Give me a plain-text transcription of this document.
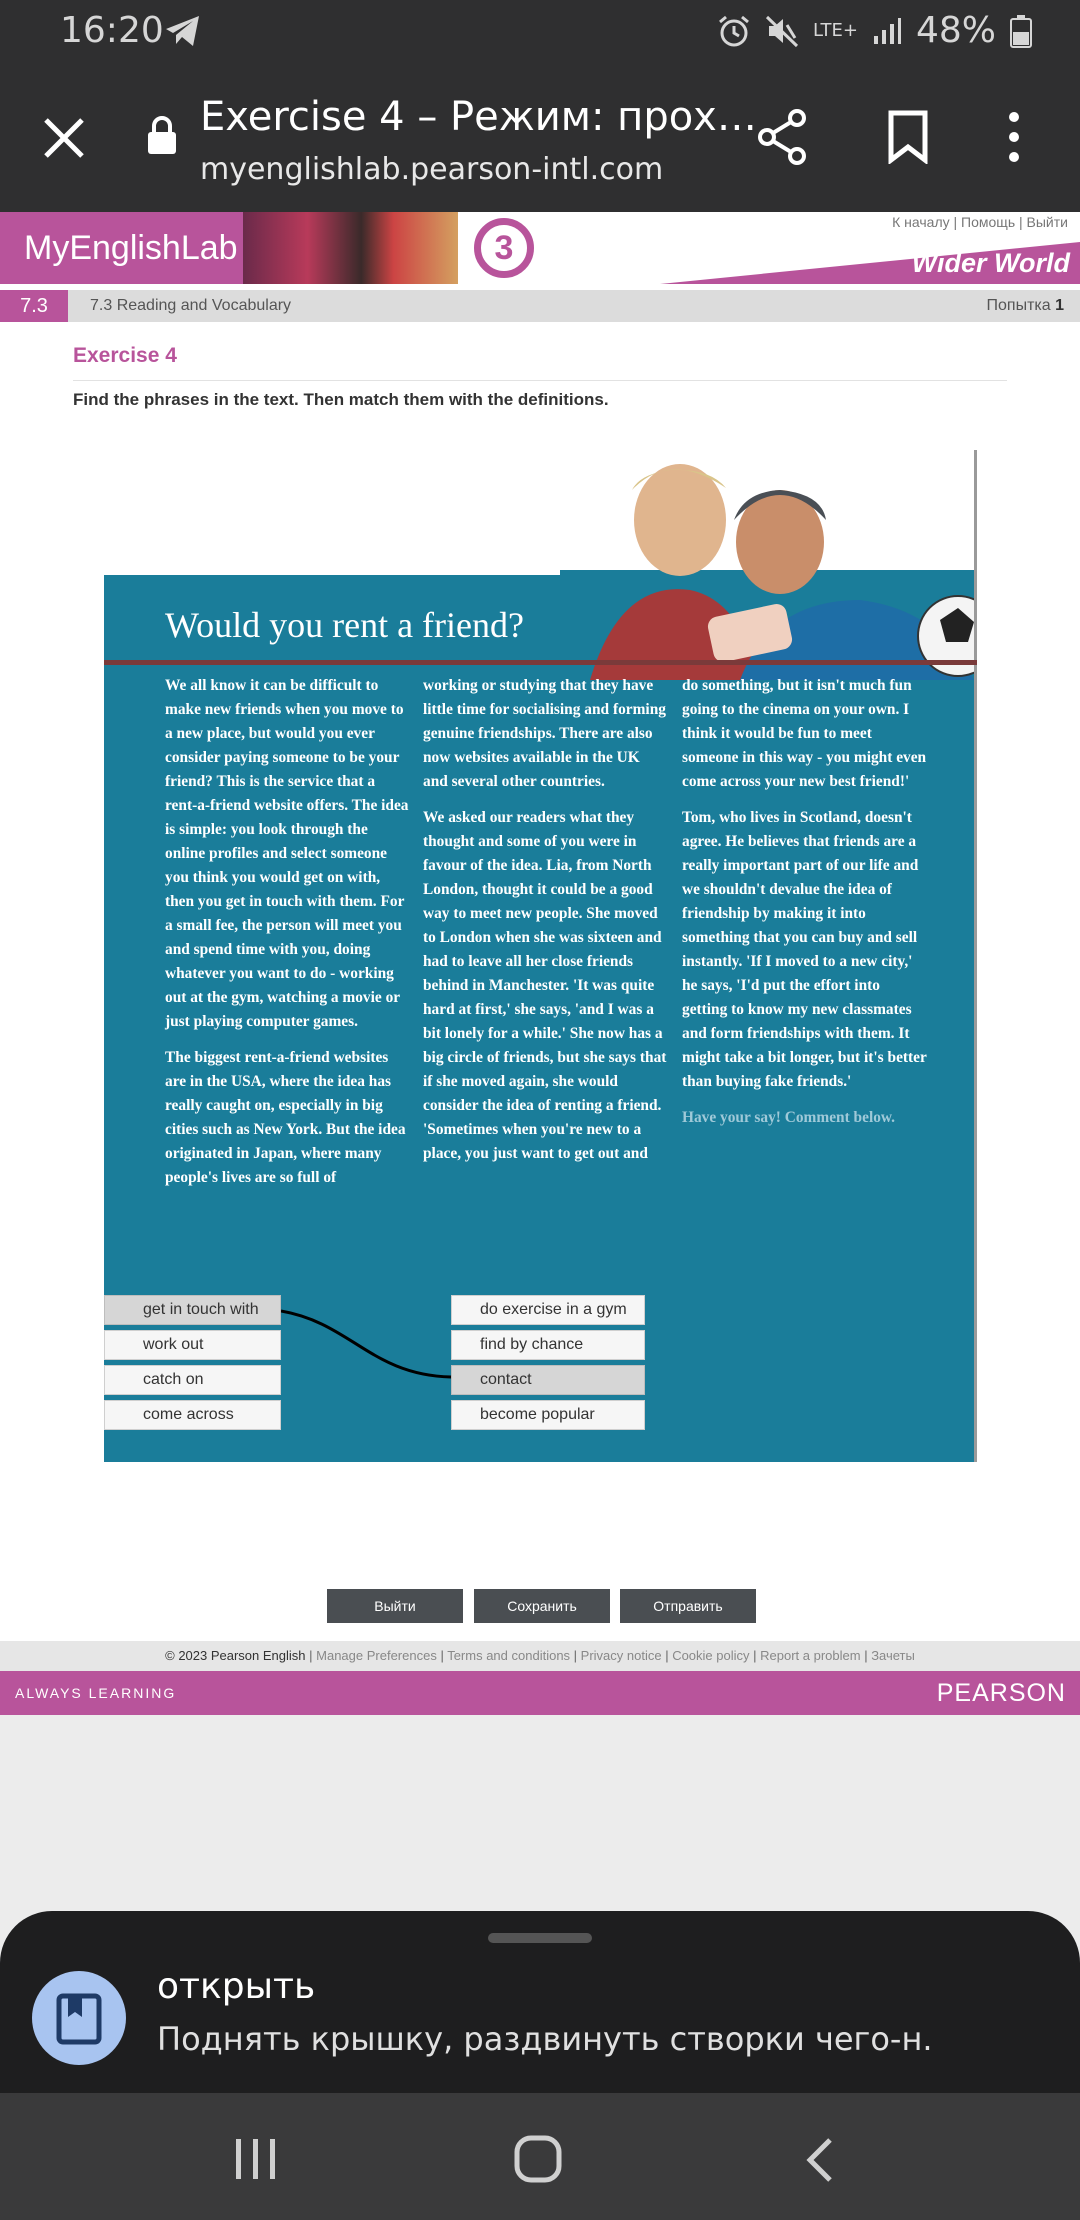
16:20	LTE+ 48%
Exercise 4 – Режим: прох…
myenglishlab.pearson-intl.com
MyEnglishLab	3
К началу | Помощь | Выйти
Wider World
7.3	7.3 Reading and Vocabulary	Попытка 1
Exercise 4
Find the phrases in the text. Then match them with the definitions.
Would you rent a friend?

We all know it can be difficult to make new friends when you move to a new place, but would you ever consider paying someone to be your friend? This is the service that a rent-a-friend website offers. The idea is simple: you look through the online profiles and select someone you think you would get on with, then you get in touch with them. For a small fee, the person will meet you and spend time with you, doing whatever you want to do - working out at the gym, watching a movie or just playing computer games.

The biggest rent-a-friend websites are in the USA, where the idea has really caught on, especially in big cities such as New York. But the idea originated in Japan, where many people's lives are so full of

working or studying that they have little time for socialising and forming genuine friendships. There are also now websites available in the UK and several other countries.

We asked our readers what they thought and some of you were in favour of the idea. Lia, from North London, thought it could be a good way to meet new people. She moved to London when she was sixteen and had to leave all her close friends behind in Manchester. 'It was quite hard at first,' she says, 'and I was a bit lonely for a while.' She now has a big circle of friends, but she says that if she moved again, she would consider the idea of renting a friend. 'Sometimes when you're new to a place, you just want to get out and

do something, but it isn't much fun going to the cinema on your own. I think it would be fun to meet someone in this way - you might even come across your new best friend!'

Tom, who lives in Scotland, doesn't agree. He believes that friends are a really important part of our life and we shouldn't devalue the idea of friendship by making it into something that you can buy and sell instantly. 'If I moved to a new city,' he says, 'I'd put the effort into getting to know my new classmates and form friendships with them. It might take a bit longer, but it's better than buying fake friends.'

Have your say! Comment below.

get in touch with
work out
catch on
come across
do exercise in a gym
find by chance
contact
become popular
Выйти	Сохранить	Отправить
© 2023 Pearson English | Manage Preferences | Terms and conditions | Privacy notice | Cookie policy | Report a problem | Зачеты
ALWAYS LEARNING	PEARSON
открыть
Поднять крышку, раздвинуть створки чего-н.
